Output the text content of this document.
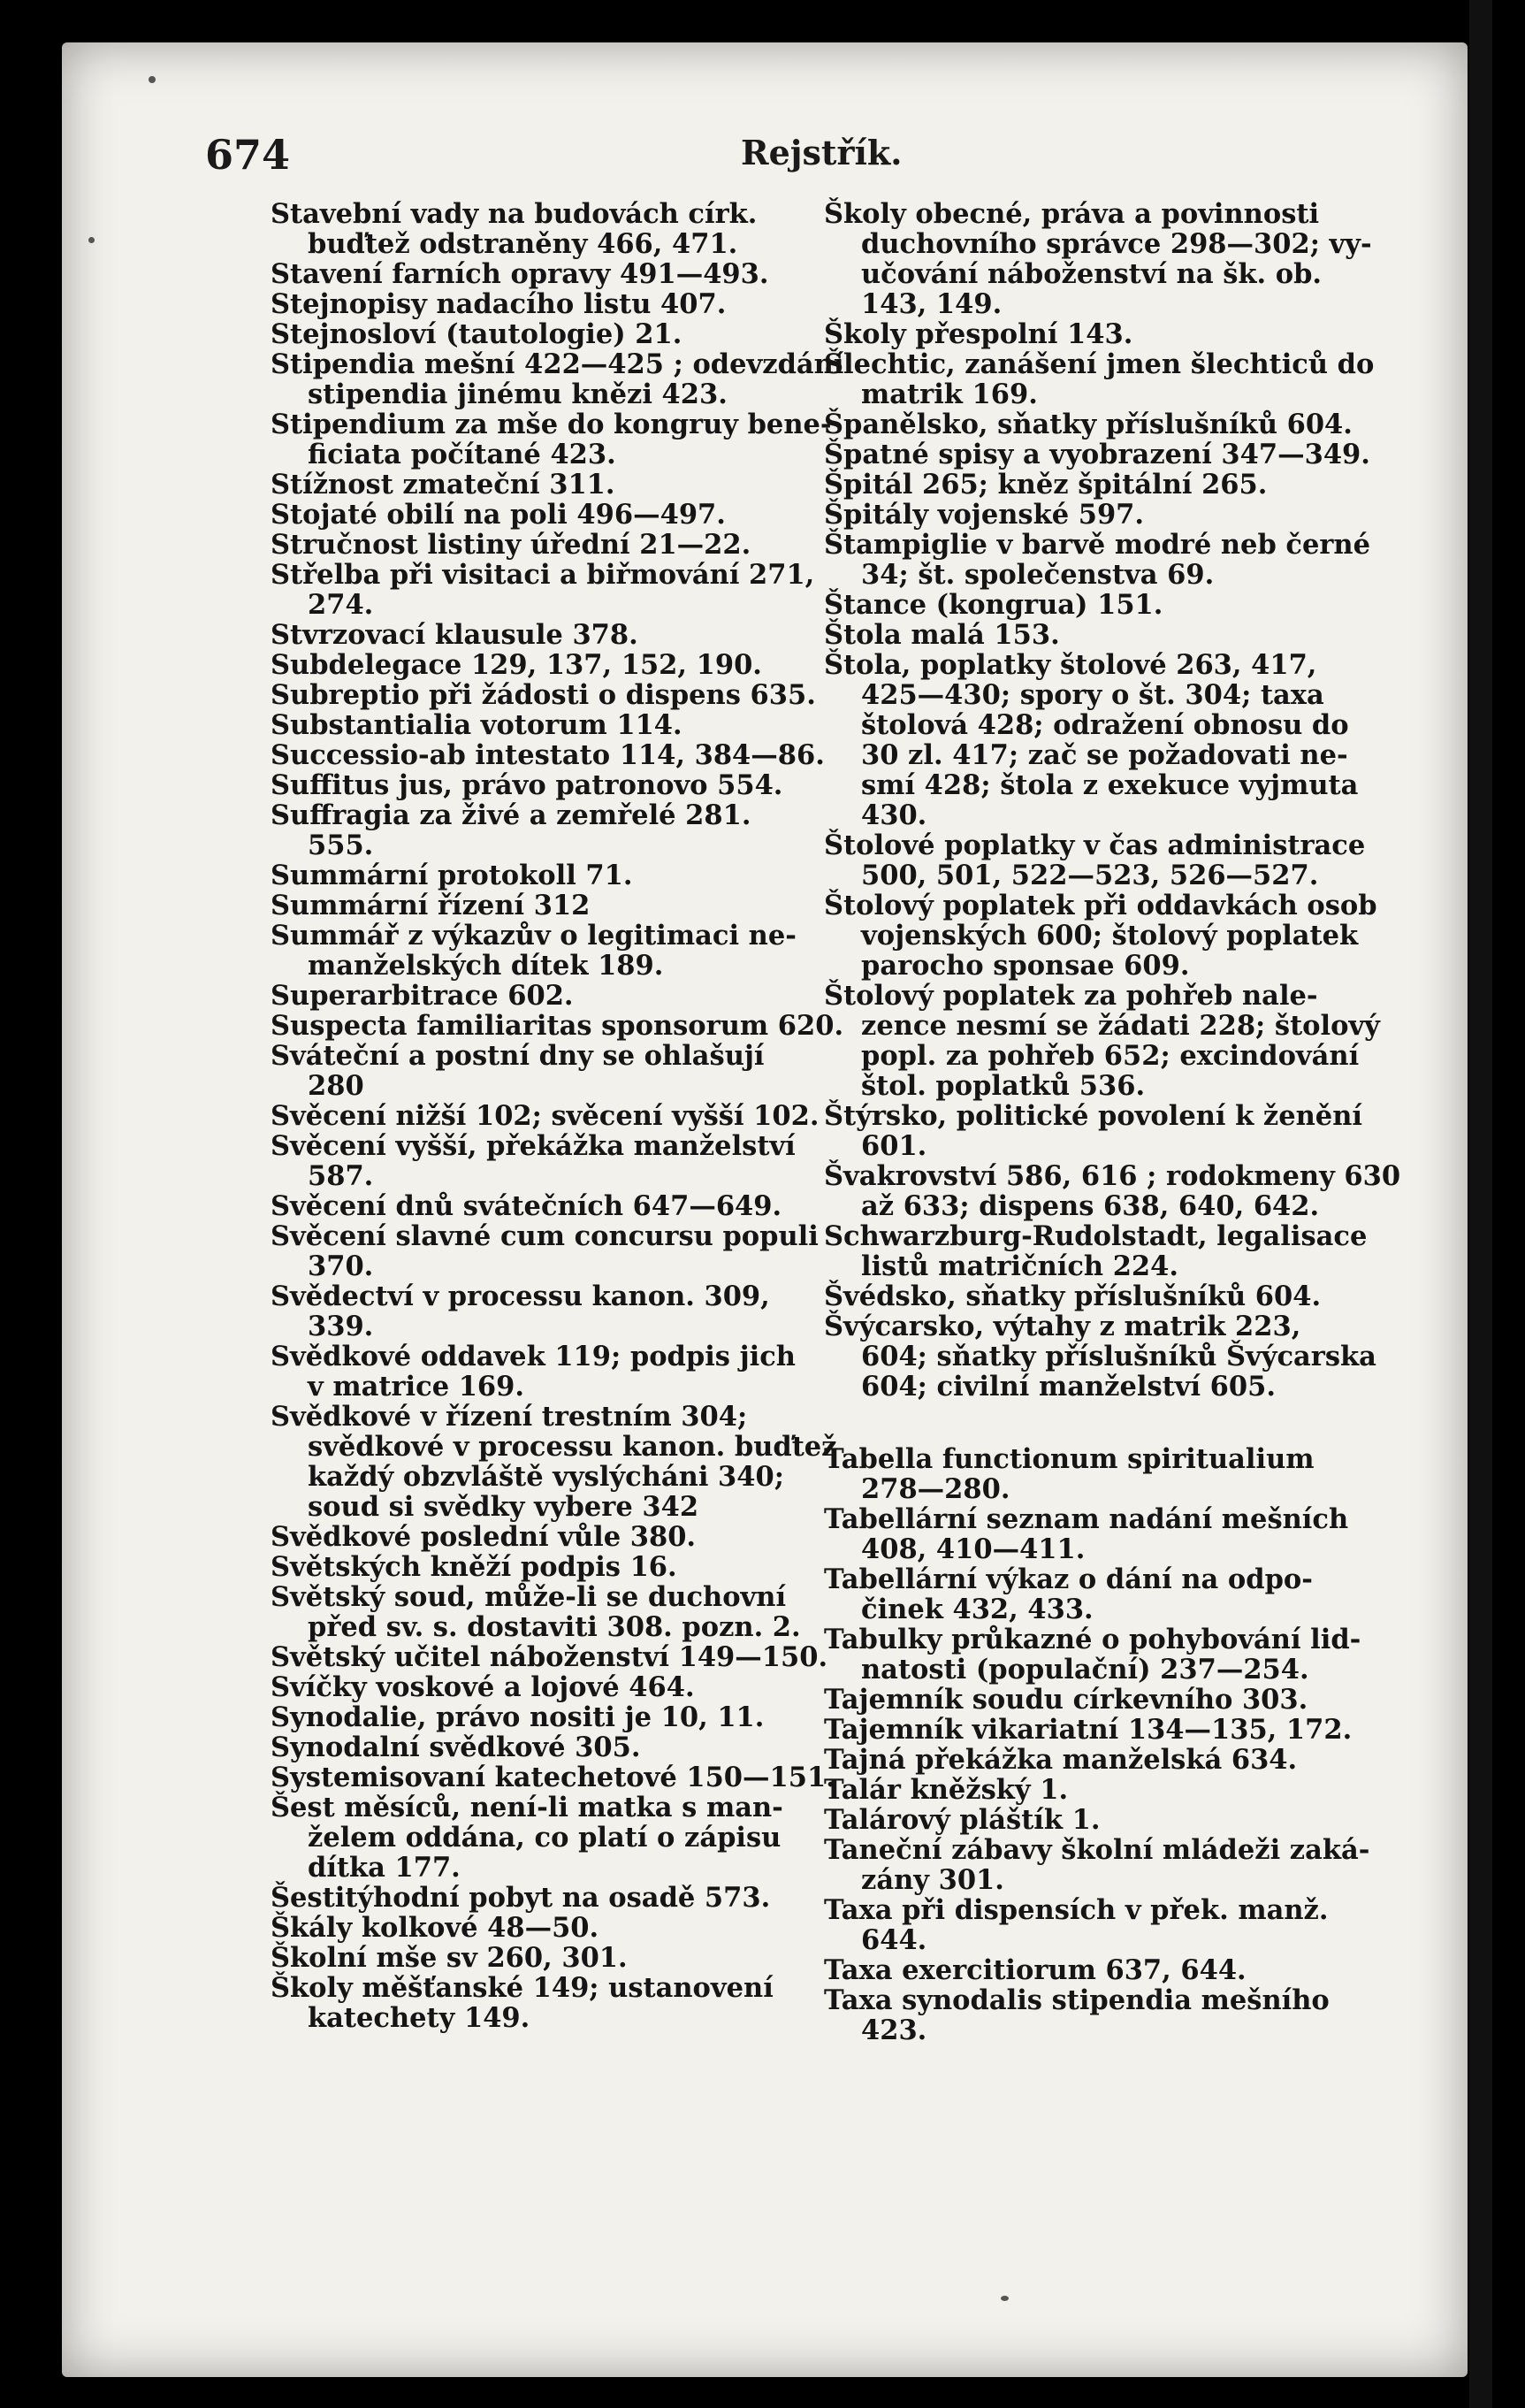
674	Rejstřík.
Stavební vady na budovách círk.
buďtež odstraněny 466, 471.
Stavení farních opravy 491—493.
Stejnopisy nadacího listu 407.
Stejnosloví (tautologie) 21.
Stipendia mešní 422—425 ; odevzdání
stipendia jinému knězi 423.
Stipendium za mše do kongruy bene-
ficiata počítané 423.
Stížnost zmateční 311.
Stojaté obilí na poli 496—497.
Stručnost listiny úřední 21—22.
Střelba při visitaci a biřmování 271,
274.
Stvrzovací klausule 378.
Subdelegace 129, 137, 152, 190.
Subreptio při žádosti o dispens 635.
Substantialia votorum 114.
Successio-ab intestato 114, 384—86.
Suffitus jus, právo patronovo 554.
Suffragia za živé a zemřelé 281.
555.
Summární protokoll 71.
Summární řízení 312
Summář z výkazův o legitimaci ne-
manželských dítek 189.
Superarbitrace 602.
Suspecta familiaritas sponsorum 620.
Sváteční a postní dny se ohlašují
280
Svěcení nižší 102; svěcení vyšší 102.
Svěcení vyšší, překážka manželství
587.
Svěcení dnů svátečních 647—649.
Svěcení slavné cum concursu populi
370.
Svědectví v processu kanon. 309,
339.
Svědkové oddavek 119; podpis jich
v matrice 169.
Svědkové v řízení trestním 304;
svědkové v processu kanon. buďtež
každý obzvláště vyslýcháni 340;
soud si svědky vybere 342
Svědkové poslední vůle 380.
Světských kněží podpis 16.
Světský soud, může-li se duchovní
před sv. s. dostaviti 308. pozn. 2.
Světský učitel náboženství 149—150.
Svíčky voskové a lojové 464.
Synodalie, právo nositi je 10, 11.
Synodalní svědkové 305.
Systemisovaní katechetové 150—151.
Šest měsíců, není-li matka s man-
želem oddána, co platí o zápisu
dítka 177.
Šestitýhodní pobyt na osadě 573.
Škály kolkové 48—50.
Školní mše sv 260, 301.
Školy měšťanské 149; ustanovení
katechety 149.
Školy obecné, práva a povinnosti
duchovního správce 298—302; vy-
učování náboženství na šk. ob.
143, 149.
Školy přespolní 143.
Šlechtic, zanášení jmen šlechticů do
matrik 169.
Španělsko, sňatky příslušníků 604.
Špatné spisy a vyobrazení 347—349.
Špitál 265; kněz špitální 265.
Špitály vojenské 597.
Štampiglie v barvě modré neb černé
34; št. společenstva 69.
Štance (kongrua) 151.
Štola malá 153.
Štola, poplatky štolové 263, 417,
425—430; spory o št. 304; taxa
štolová 428; odražení obnosu do
30 zl. 417; zač se požadovati ne-
smí 428; štola z exekuce vyjmuta
430.
Štolové poplatky v čas administrace
500, 501, 522—523, 526—527.
Štolový poplatek při oddavkách osob
vojenských 600; štolový poplatek
parocho sponsae 609.
Štolový poplatek za pohřeb nale-
zence nesmí se žádati 228; štolový
popl. za pohřeb 652; excindování
štol. poplatků 536.
Štýrsko, politické povolení k ženění
601.
Švakrovství 586, 616 ; rodokmeny 630
až 633; dispens 638, 640, 642.
Schwarzburg-Rudolstadt, legalisace
listů matričních 224.
Švédsko, sňatky příslušníků 604.
Švýcarsko, výtahy z matrik 223,
604; sňatky příslušníků Švýcarska
604; civilní manželství 605.
Tabella functionum spiritualium
278—280.
Tabellární seznam nadání mešních
408, 410—411.
Tabellární výkaz o dání na odpo-
činek 432, 433.
Tabulky průkazné o pohybování lid-
natosti (populační) 237—254.
Tajemník soudu církevního 303.
Tajemník vikariatní 134—135, 172.
Tajná překážka manželská 634.
Talár kněžský 1.
Talárový pláštík 1.
Taneční zábavy školní mládeži zaká-
zány 301.
Taxa při dispensích v přek. manž.
644.
Taxa exercitiorum 637, 644.
Taxa synodalis stipendia mešního
423.
